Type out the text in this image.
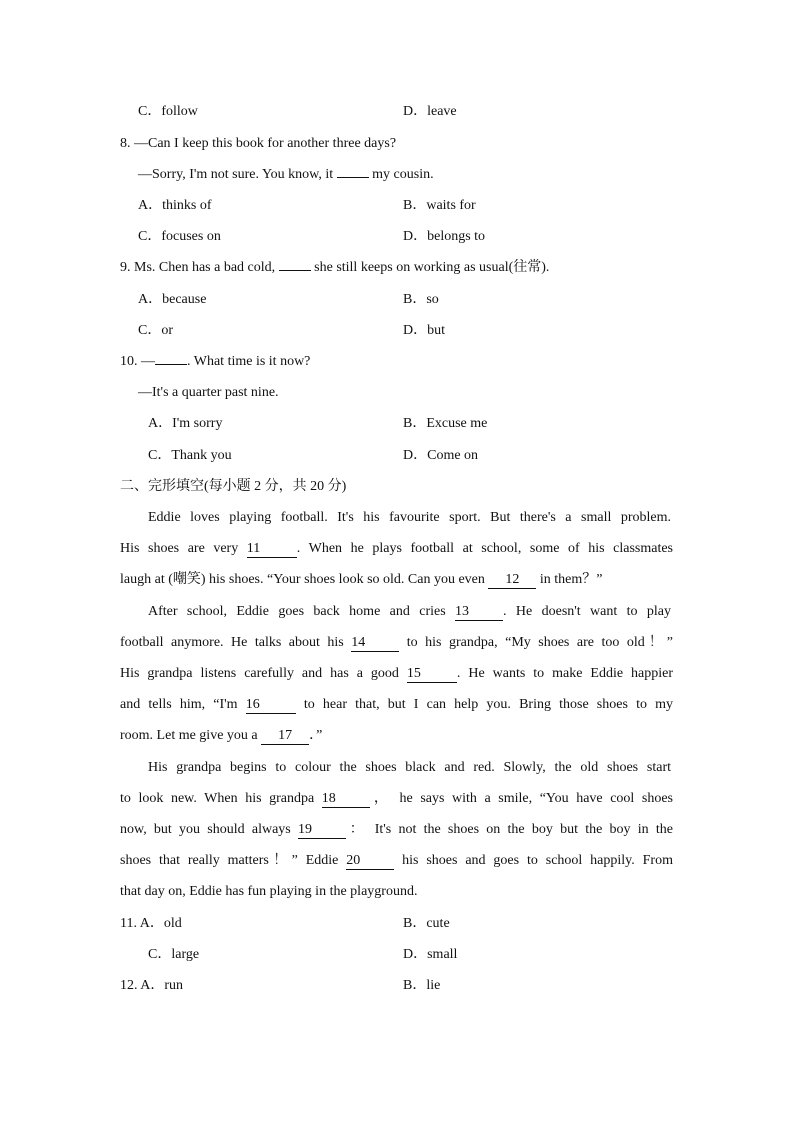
C．follow	D．leave
8. —Can I keep this book for another three days?
—Sorry, I'm not sure. You know, it  my cousin.
A．thinks of	B．waits for
C．focuses on	D．belongs to
9. Ms. Chen has a bad cold,  she still keeps on working as usual(往常).
A．because	B．so
C．or	D．but
10. — . What time is it now?
—It's a quarter past nine.
A．I'm sorry	B．Excuse me
C．Thank you	D．Come on
二、完形填空(每小题 2 分，共 20 分)
Eddie loves playing football. It's his favourite sport. But there's a small problem.
His shoes are very 11	. When he plays football at school, some of his classmates
laugh at (嘲笑) his shoes. “Your shoes look so old. Can you even 12 in them？”
After school, Eddie goes back home and cries 13 . He doesn't want to play
football anymore. He talks about his 14 to his grandpa, “My shoes are too old！”
His grandpa listens carefully and has a good 15	. He wants to make Eddie happier
and tells him, “I'm 16	to hear that, but I can help you. Bring those shoes to my
room. Let me give you a 17 ．”
His grandpa begins to colour the shoes black and red. Slowly, the old shoes start
to look new. When his grandpa 18 ， he says with a smile, “You have cool shoes
now, but you should always 19 ： It's not the shoes on the boy but the boy in the
shoes that really matters！” Eddie 20 his shoes and goes to school happily. From
that day on, Eddie has fun playing in the playground.
11. A．old	B．cute
C．large	D．small
12. A．run	B．lie
